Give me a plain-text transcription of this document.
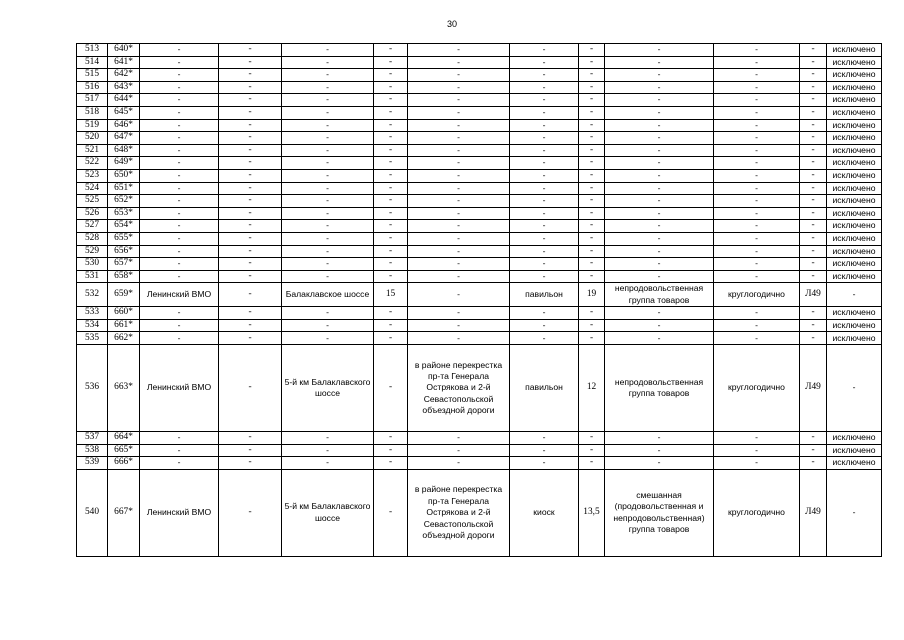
30
513	640*	-	-	-	-	-	-	-	-	-	-	исключено
514	641*	-	-	-	-	-	-	-	-	-	-	исключено
515	642*	-	-	-	-	-	-	-	-	-	-	исключено
516	643*	-	-	-	-	-	-	-	-	-	-	исключено
517	644*	-	-	-	-	-	-	-	-	-	-	исключено
518	645*	-	-	-	-	-	-	-	-	-	-	исключено
519	646*	-	-	-	-	-	-	-	-	-	-	исключено
520	647*	-	-	-	-	-	-	-	-	-	-	исключено
521	648*	-	-	-	-	-	-	-	-	-	-	исключено
522	649*	-	-	-	-	-	-	-	-	-	-	исключено
523	650*	-	-	-	-	-	-	-	-	-	-	исключено
524	651*	-	-	-	-	-	-	-	-	-	-	исключено
525	652*	-	-	-	-	-	-	-	-	-	-	исключено
526	653*	-	-	-	-	-	-	-	-	-	-	исключено
527	654*	-	-	-	-	-	-	-	-	-	-	исключено
528	655*	-	-	-	-	-	-	-	-	-	-	исключено
529	656*	-	-	-	-	-	-	-	-	-	-	исключено
530	657*	-	-	-	-	-	-	-	-	-	-	исключено
531	658*	-	-	-	-	-	-	-	-	-	-	исключено
532	659*	Ленинский ВМО	-	Балаклавское шоссе	15	-	павильон	19	непродовольственная группа товаров	круглогодично	Л49	-
533	660*	-	-	-	-	-	-	-	-	-	-	исключено
534	661*	-	-	-	-	-	-	-	-	-	-	исключено
535	662*	-	-	-	-	-	-	-	-	-	-	исключено
536	663*	Ленинский ВМО	-	5-й км Балаклавского шоссе	-	в районе перекрестка пр-та Генерала Острякова и 2-й Севастопольской объездной дороги	павильон	12	непродовольственная группа товаров	круглогодично	Л49	-
537	664*	-	-	-	-	-	-	-	-	-	-	исключено
538	665*	-	-	-	-	-	-	-	-	-	-	исключено
539	666*	-	-	-	-	-	-	-	-	-	-	исключено
540	667*	Ленинский ВМО	-	5-й км Балаклавского шоссе	-	в районе перекрестка пр-та Генерала Острякова и 2-й Севастопольской объездной дороги	киоск	13,5	смешанная (продовольственная и непродовольственная) группа товаров	круглогодично	Л49	-
